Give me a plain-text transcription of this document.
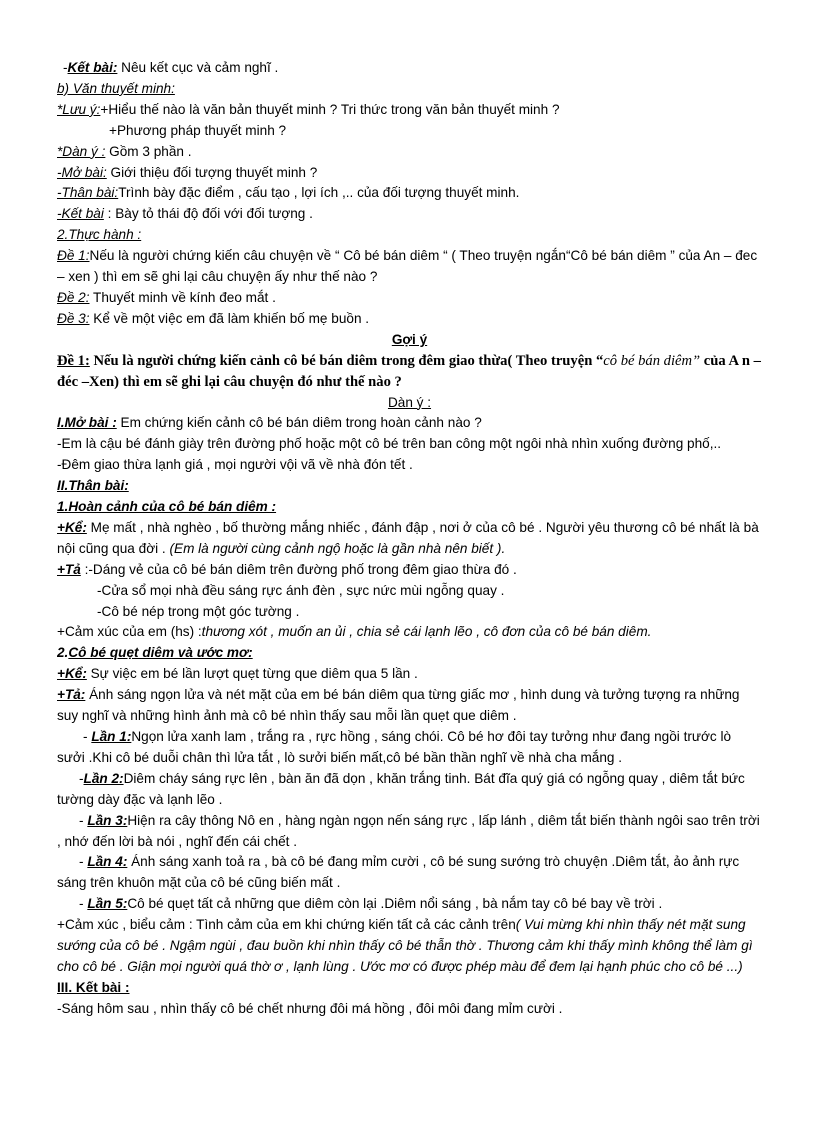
-Kết bài: Nêu kết cục và cảm nghĩ .
b) Văn thuyết minh:
*Lưu ý:+Hiểu thế nào là văn bản thuyết minh ? Tri thức trong văn bản thuyết minh ?
+Phương pháp thuyết minh ?
*Dàn ý : Gồm 3 phần .
-Mở bài: Giới thiệu đối tượng thuyết minh ?
-Thân bài:Trình bày đặc điểm , cấu tạo , lợi ích ,.. của đối tượng thuyết minh.
-Kết bài : Bày tỏ thái độ đối với đối tượng .
2.Thực hành :
Đề 1:Nếu là người chứng kiến câu chuyện về “ Cô bé bán diêm “ ( Theo truyện ngắn“Cô bé bán diêm ” của An – đec – xen ) thì em sẽ ghi lại câu chuyện ấy như thế nào ?
Đề 2: Thuyết minh về kính đeo mắt .
Đề 3: Kể về một việc em đã làm khiến bố mẹ buồn .
Gợi ý
Đề 1: Nếu là người chứng kiến cảnh cô bé bán diêm trong đêm giao thừa( Theo truyện “cô bé bán diêm” của A n –đéc –Xen) thì em sẽ ghi lại câu chuyện đó như thế nào ?
Dàn ý :
I.Mở bài : Em chứng kiến cảnh cô bé bán diêm trong hoàn cảnh nào ?
-Em là cậu bé đánh giày trên đường phố hoặc một cô bé trên ban công một ngôi nhà nhìn xuống đường phố,..
-Đêm giao thừa lạnh giá , mọi người vội vã về nhà đón tết .
II.Thân bài:
1.Hoàn cảnh của cô bé bán diêm :
+Kể: Mẹ mất , nhà nghèo , bố thường mắng nhiếc , đánh đập , nơi ở của cô bé . Người yêu thương cô bé nhất là bà nội cũng qua đời . (Em là người cùng cảnh ngộ hoặc là gần nhà nên biết ).
+Tả :-Dáng vẻ của cô bé bán diêm trên đường phố trong đêm giao thừa đó .
-Cửa sổ mọi nhà đều sáng rực ánh đèn , sực nức mùi ngỗng quay .
-Cô bé nép trong một góc tường .
+Cảm xúc của em (hs) :thương xót , muốn an ủi , chia sẻ cái lạnh lẽo , cô đơn của cô bé bán diêm.
2.Cô bé quẹt diêm và ước mơ:
+Kể: Sự việc em bé lần lượt quẹt từng que diêm qua 5 lần .
+Tả: Ánh sáng ngọn lửa và nét mặt của em bé bán diêm qua từng giấc mơ , hình dung và tưởng tượng ra những suy nghĩ và những hình ảnh mà cô bé nhìn thấy sau mỗi lần quẹt que diêm .
- Lần 1:Ngọn lửa xanh lam , trắng ra , rực hồng , sáng chói. Cô bé hơ đôi tay tưởng như đang ngồi trước lò sưởi .Khi cô bé duỗi chân thì lửa tắt , lò sưởi biến mất,cô bé bần thần nghĩ về nhà cha mắng .
-Lần 2:Diêm cháy sáng rực lên , bàn ăn đã dọn , khăn trắng tinh. Bát đĩa quý giá có ngỗng quay , diêm tắt bức tường dày đặc và lạnh lẽo .
- Lần 3:Hiện ra cây thông Nô en , hàng ngàn ngọn nến sáng rực , lấp lánh , diêm tắt biến thành ngôi sao trên trời , nhớ đến lời bà nói , nghĩ đến cái chết .
- Lần 4: Ánh sáng xanh toả ra , bà cô bé đang mỉm cười , cô bé sung sướng trò chuyện .Diêm tắt, ảo ảnh rực sáng trên khuôn mặt của cô bé cũng biến mất .
- Lần 5:Cô bé quẹt tất cả những que diêm còn lại .Diêm nổi sáng , bà nắm tay cô bé bay về trời .
+Cảm xúc , biểu cảm : Tình cảm của em khi chứng kiến tất cả các cảnh trên( Vui mừng khi nhìn thấy nét mặt sung sướng của cô bé . Ngậm ngùi , đau buồn khi nhìn thấy cô bé thẫn thờ . Thương cảm khi thấy mình không thể làm gì cho cô bé . Giận mọi người quá thờ ơ , lạnh lùng . Ước mơ có được phép màu để đem lại hạnh phúc cho cô bé ...)
III. Kết bài :
-Sáng hôm sau , nhìn thấy cô bé chết nhưng đôi má hồng , đôi môi đang mỉm cười .
